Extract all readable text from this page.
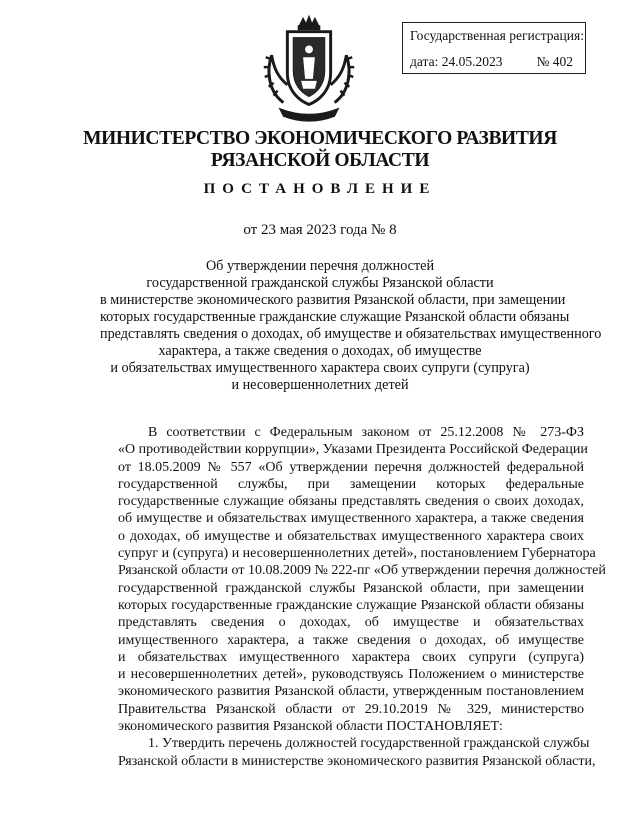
Государственная регистрация:
дата: 24.05.2023	№ 402
МИНИСТЕРСТВО ЭКОНОМИЧЕСКОГО РАЗВИТИЯ
РЯЗАНСКОЙ ОБЛАСТИ
ПОСТАНОВЛЕНИЕ
от 23 мая 2023 года № 8
Об утверждении перечня должностей
государственной гражданской службы Рязанской области
в министерстве экономического развития Рязанской области, при замещении
которых государственные гражданские служащие Рязанской области обязаны
представлять сведения о доходах, об имуществе и обязательствах имущественного
характера, а также сведения о доходах, об имуществе
и обязательствах имущественного характера своих супруги (супруга)
и несовершеннолетних детей
В соответствии с Федеральным законом от 25.12.2008 № 273-ФЗ
«О противодействии коррупции», Указами Президента Российской Федерации
от 18.05.2009 № 557 «Об утверждении перечня должностей федеральной
государственной службы, при замещении которых федеральные
государственные служащие обязаны представлять сведения о своих доходах,
об имуществе и обязательствах имущественного характера, а также сведения
о доходах, об имуществе и обязательствах имущественного характера своих
супруг и (супруга) и несовершеннолетних детей», постановлением Губернатора
Рязанской области от 10.08.2009 № 222-пг «Об утверждении перечня должностей
государственной гражданской службы Рязанской области, при замещении
которых государственные гражданские служащие Рязанской области обязаны
представлять сведения о доходах, об имуществе и обязательствах
имущественного характера, а также сведения о доходах, об имуществе
и обязательствах имущественного характера своих супруги (супруга)
и несовершеннолетних детей», руководствуясь Положением о министерстве
экономического развития Рязанской области, утвержденным постановлением
Правительства Рязанской области от 29.10.2019 № 329, министерство
экономического развития Рязанской области ПОСТАНОВЛЯЕТ:
1. Утвердить перечень должностей государственной гражданской службы
Рязанской области в министерстве экономического развития Рязанской области,
